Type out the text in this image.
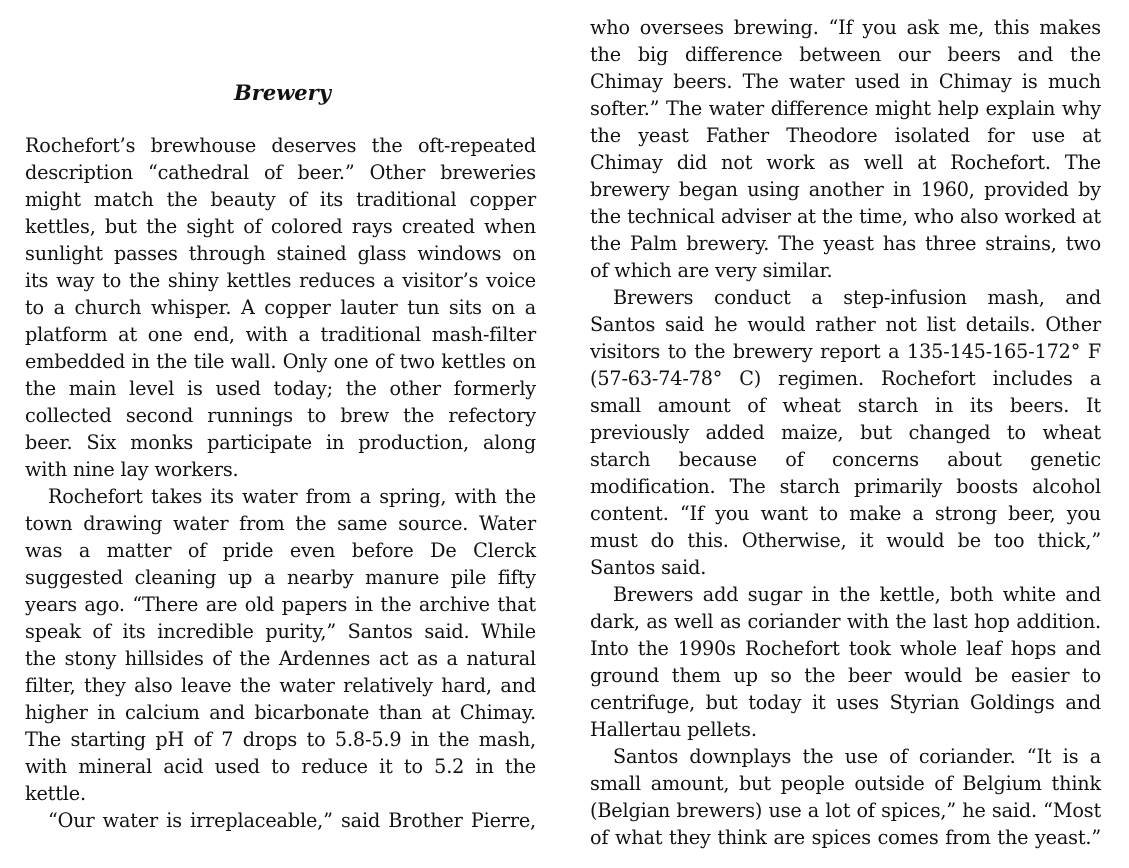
Brewery
Rochefort’s brewhouse deserves the oft-repeated
description “cathedral of beer.” Other breweries
might match the beauty of its traditional copper
kettles, but the sight of colored rays created when
sunlight passes through stained glass windows on
its way to the shiny kettles reduces a visitor’s voice
to a church whisper. A copper lauter tun sits on a
platform at one end, with a traditional mash-filter
embedded in the tile wall. Only one of two kettles on
the main level is used today; the other formerly
collected second runnings to brew the refectory
beer. Six monks participate in production, along
with nine lay workers.
Rochefort takes its water from a spring, with the
town drawing water from the same source. Water
was a matter of pride even before De Clerck
suggested cleaning up a nearby manure pile fifty
years ago. “There are old papers in the archive that
speak of its incredible purity,” Santos said. While
the stony hillsides of the Ardennes act as a natural
filter, they also leave the water relatively hard, and
higher in calcium and bicarbonate than at Chimay.
The starting pH of 7 drops to 5.8-5.9 in the mash,
with mineral acid used to reduce it to 5.2 in the
kettle.
“Our water is irreplaceable,” said Brother Pierre,
who oversees brewing. “If you ask me, this makes
the big difference between our beers and the
Chimay beers. The water used in Chimay is much
softer.” The water difference might help explain why
the yeast Father Theodore isolated for use at
Chimay did not work as well at Rochefort. The
brewery began using another in 1960, provided by
the technical adviser at the time, who also worked at
the Palm brewery. The yeast has three strains, two
of which are very similar.
Brewers conduct a step-infusion mash, and
Santos said he would rather not list details. Other
visitors to the brewery report a 135-145-165-172° F
(57-63-74-78° C) regimen. Rochefort includes a
small amount of wheat starch in its beers. It
previously added maize, but changed to wheat
starch because of concerns about genetic
modification. The starch primarily boosts alcohol
content. “If you want to make a strong beer, you
must do this. Otherwise, it would be too thick,”
Santos said.
Brewers add sugar in the kettle, both white and
dark, as well as coriander with the last hop addition.
Into the 1990s Rochefort took whole leaf hops and
ground them up so the beer would be easier to
centrifuge, but today it uses Styrian Goldings and
Hallertau pellets.
Santos downplays the use of coriander. “It is a
small amount, but people outside of Belgium think
(Belgian brewers) use a lot of spices,” he said. “Most
of what they think are spices comes from the yeast.”
